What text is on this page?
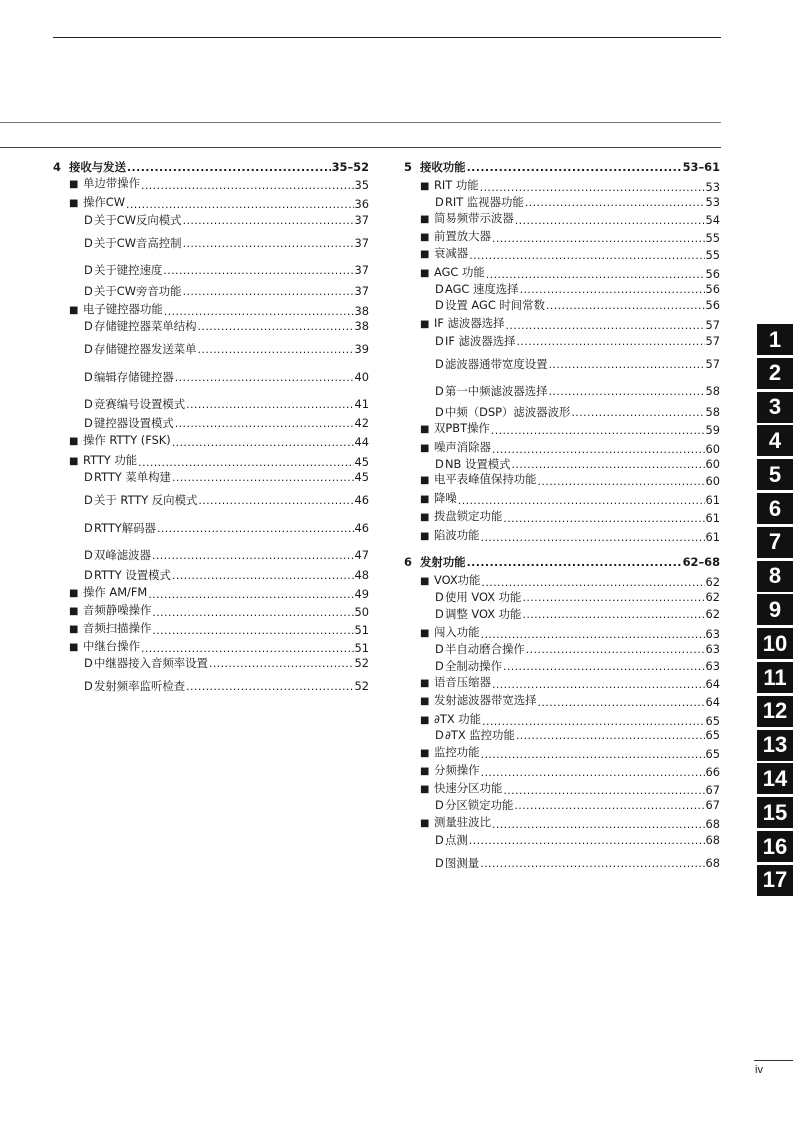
4 接收与发送 .....	35–52
■ 单边带操作 .....	35
■ 操作CW .....	36
D关于CW反向模式 .....	37
D关于CW音高控制 .....	37
D关于键控速度 .....	37
D关于CW旁音功能 .....	37
■ 电子键控器功能 .....	38
D存储键控器菜单结构 .....	38
D存储键控器发送菜单 .....	39
D编辑存储键控器 .....	40
D竞赛编号设置模式 .....	41
D键控器设置模式 .....	42
■ 操作 RTTY (FSK) .....	44
■ RTTY 功能 .....	45
DRTTY 菜单构建 .....	45
D关于 RTTY 反向模式 .....	46
DRTTY解码器 .....	46
D双峰滤波器 .....	47
DRTTY 设置模式 .....	48
■ 操作 AM/FM .....	49
■ 音频静噪操作 .....	50
■ 音频扫描操作 .....	51
■ 中继台操作 .....	51
D中继器接入音频率设置 .....	52
D发射频率监听检查 .....	52
5 接收功能 .....	53–61
■ RIT 功能 .....	53
DRIT 监视器功能 .....	53
■ 简易频带示波器 .....	54
■ 前置放大器 .....	55
■ 衰减器 .....	55
■ AGC 功能 .....	56
DAGC 速度选择 .....	56
D设置 AGC 时间常数 .....	56
■ IF 滤波器选择 .....	57
DIF 滤波器选择 .....	57
D滤波器通带宽度设置 .....	57
D第一中频滤波器选择 .....	58
D中频（DSP）滤波器波形 .....	58
■ 双PBT操作 .....	59
■ 噪声消除器 .....	60
DNB 设置模式 .....	60
■ 电平表峰值保持功能 .....	60
■ 降噪 .....	61
■ 拨盘锁定功能 .....	61
■ 陷波功能 .....	61
6 发射功能 .....	62–68
■ VOX功能 .....	62
D使用 VOX 功能 .....	62
D调整 VOX 功能 .....	62
■ 闯入功能 .....	63
D半自动磨合操作 .....	63
D全制动操作 .....	63
■ 语音压缩器 .....	64
■ 发射滤波器带宽选择 .....	64
■ ∂TX 功能 .....	65
D∂TX 监控功能 .....	65
■ 监控功能 .....	65
■ 分频操作 .....	66
■ 快速分区功能 .....	67
D分区锁定功能 .....	67
■ 测量驻波比 .....	68
D点测 .....	68
D图测量 .....	68
1
2
3
4
5
6
7
8
9
10
11
12
13
14
15
16
17
iv
